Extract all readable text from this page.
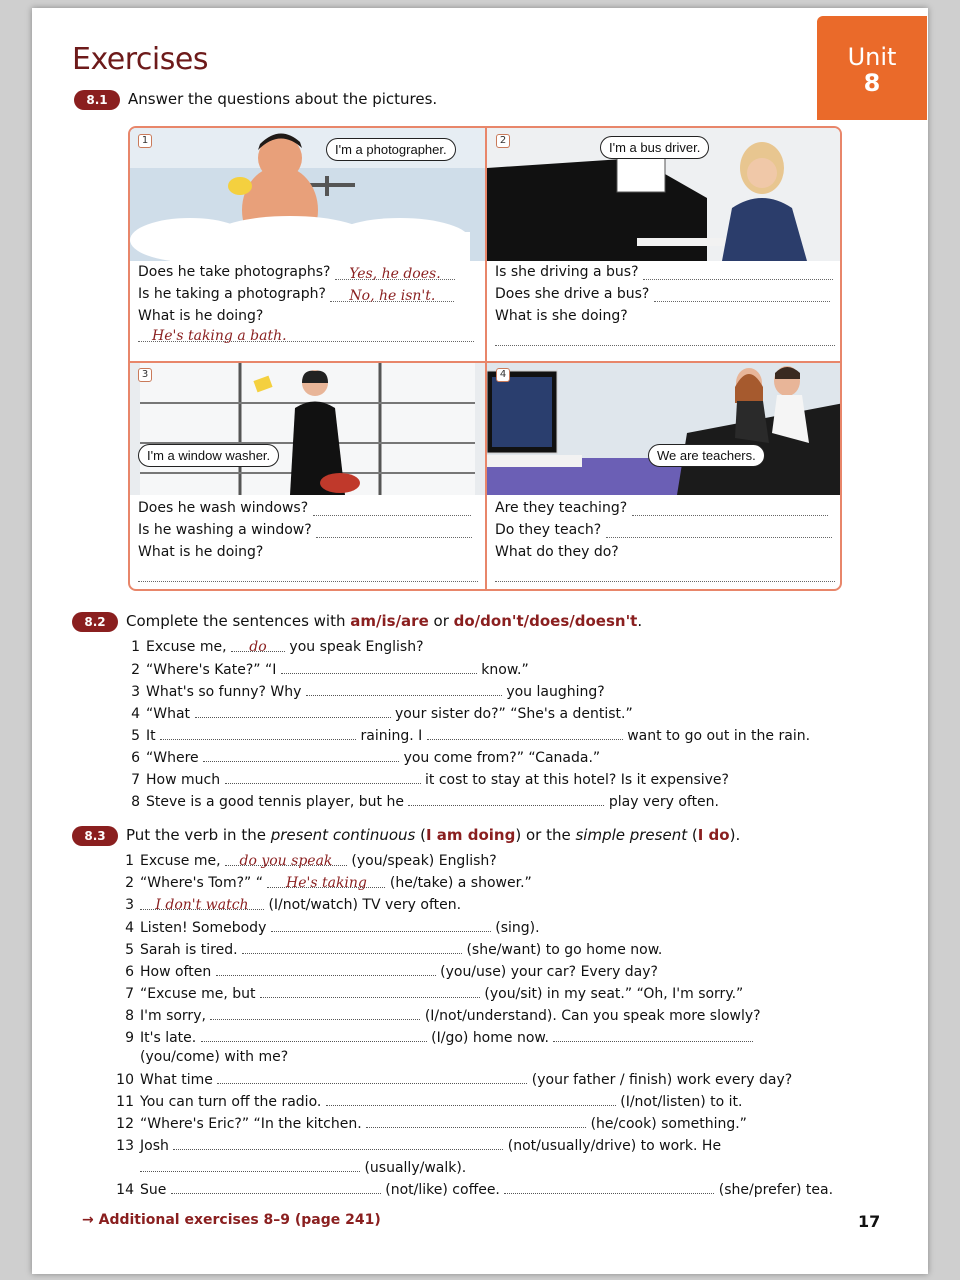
Exercises	Unit
8
8.1	Answer the questions about the pictures.
1
I'm a photographer.
2	I'm a bus driver.
Does he take photographs? Yes, he does.
Is he taking a photograph? No, he isn't.
What is he doing?
He's taking a bath.
Is she driving a bus?
Does she drive a bus?
What is she doing?
3
I'm a window washer.
4
We are teachers.
Does he wash windows?
Is he washing a window?
What is he doing?
Are they teaching?
Do they teach?
What do they do?
8.2	Complete the sentences with am/is/are or do/don't/does/doesn't.
1 Excuse me, do you speak English?
2 “Where's Kate?” “I	know.”
3 What's so funny? Why	you laughing?
4 “What	your sister do?” “She's a dentist.”
5 It	raining. I	want to go out in the rain.
6 “Where	you come from?” “Canada.”
7 How much	it cost to stay at this hotel? Is it expensive?
8 Steve is a good tennis player, but he	play very often.
8.3	Put the verb in the present continuous (I am doing) or the simple present (I do).
1 Excuse me, do you speak (you/speak) English?
2 “Where's Tom?” “ He's taking (he/take) a shower.”
3 I don't watch (I/not/watch) TV very often.
4 Listen! Somebody	(sing).
5 Sarah is tired.	(she/want) to go home now.
6 How often	(you/use) your car? Every day?
7 “Excuse me, but	(you/sit) in my seat.” “Oh, I'm sorry.”
8 I'm sorry,	(I/not/understand). Can you speak more slowly?
9 It's late.	(I/go) home now.
(you/come) with me?
10 What time	(your father / finish) work every day?
11 You can turn off the radio.	(I/not/listen) to it.
12 “Where's Eric?” “In the kitchen.	(he/cook) something.”
13 Josh	(not/usually/drive) to work. He
(usually/walk).
14 Sue	(not/like) coffee.	(she/prefer) tea.
→ Additional exercises 8–9 (page 241)	17
